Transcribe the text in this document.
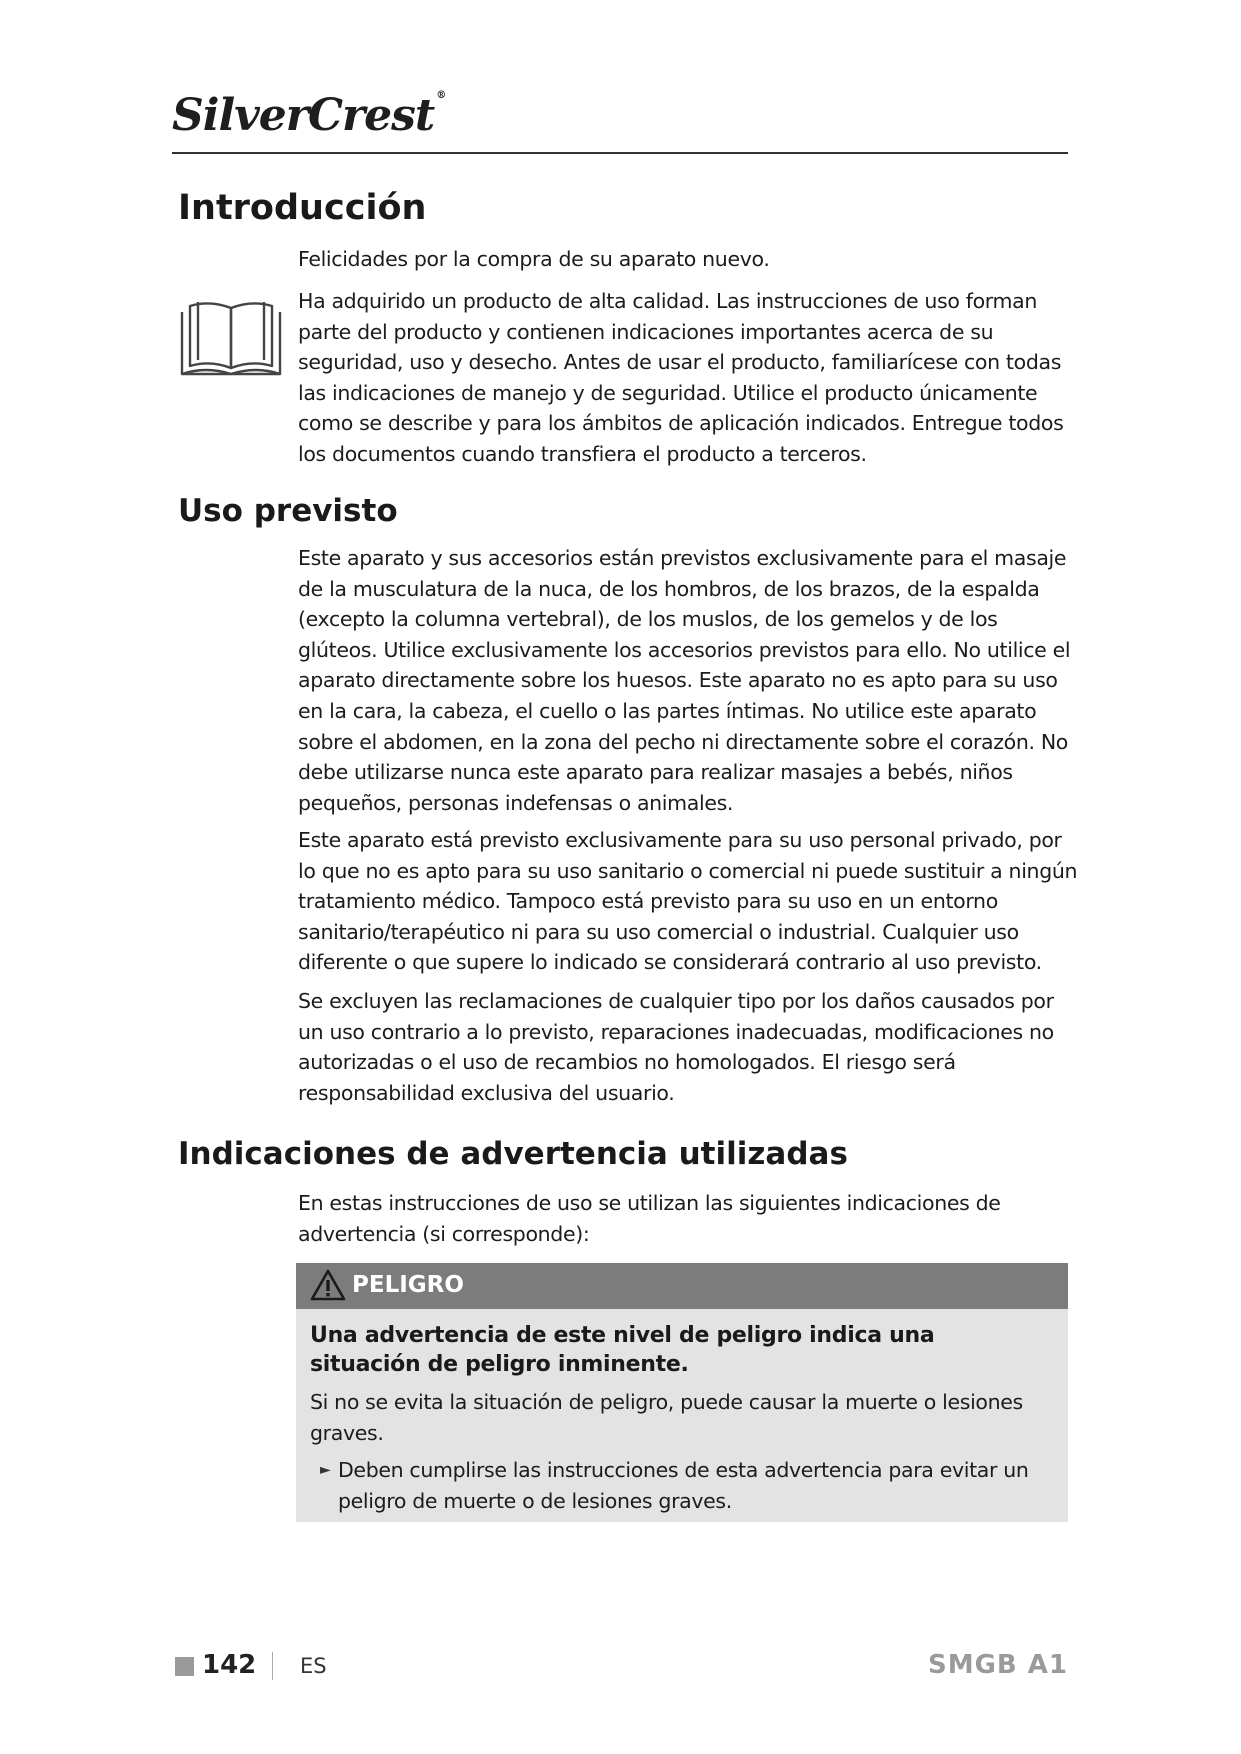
SilverCrest ®
Introducción

Felicidades por la compra de su aparato nuevo.

Ha adquirido un producto de alta calidad. Las instrucciones de uso forman parte del producto y contienen indicaciones importantes acerca de su seguridad, uso y desecho. Antes de usar el producto, familiarícese con todas las indicaciones de manejo y de seguridad. Utilice el producto únicamente como se describe y para los ámbitos de aplicación indicados. Entregue todos los documentos cuando transfiera el producto a terceros.

Uso previsto

Este aparato y sus accesorios están previstos exclusivamente para el masaje de la musculatura de la nuca, de los hombros, de los brazos, de la espalda (excepto la columna vertebral), de los muslos, de los gemelos y de los glúteos. Utilice exclusivamente los accesorios previstos para ello. No utilice el aparato directamente sobre los huesos. Este aparato no es apto para su uso en la cara, la cabeza, el cuello o las partes íntimas. No utilice este aparato sobre el abdomen, en la zona del pecho ni directamente sobre el corazón. No debe utilizarse nunca este aparato para realizar masajes a bebés, niños pequeños, personas indefensas o animales.

Este aparato está previsto exclusivamente para su uso personal privado, por lo que no es apto para su uso sanitario o comercial ni puede sustituir a ningún tratamiento médico. Tampoco está previsto para su uso en un entorno sanitario/terapéutico ni para su uso comercial o industrial. Cualquier uso diferente o que supere lo indicado se considerará contrario al uso previsto.

Se excluyen las reclamaciones de cualquier tipo por los daños causados por un uso contrario a lo previsto, reparaciones inadecuadas, modificaciones no autorizadas o el uso de recambios no homologados. El riesgo será responsabilidad exclusiva del usuario.

Indicaciones de advertencia utilizadas

En estas instrucciones de uso se utilizan las siguientes indicaciones de advertencia (si corresponde):

PELIGRO

Una advertencia de este nivel de peligro indica una situación de peligro inminente.

Si no se evita la situación de peligro, puede causar la muerte o lesiones graves.

► Deben cumplirse las instrucciones de esta advertencia para evitar un peligro de muerte o de lesiones graves.

142 ES	SMGB A1
